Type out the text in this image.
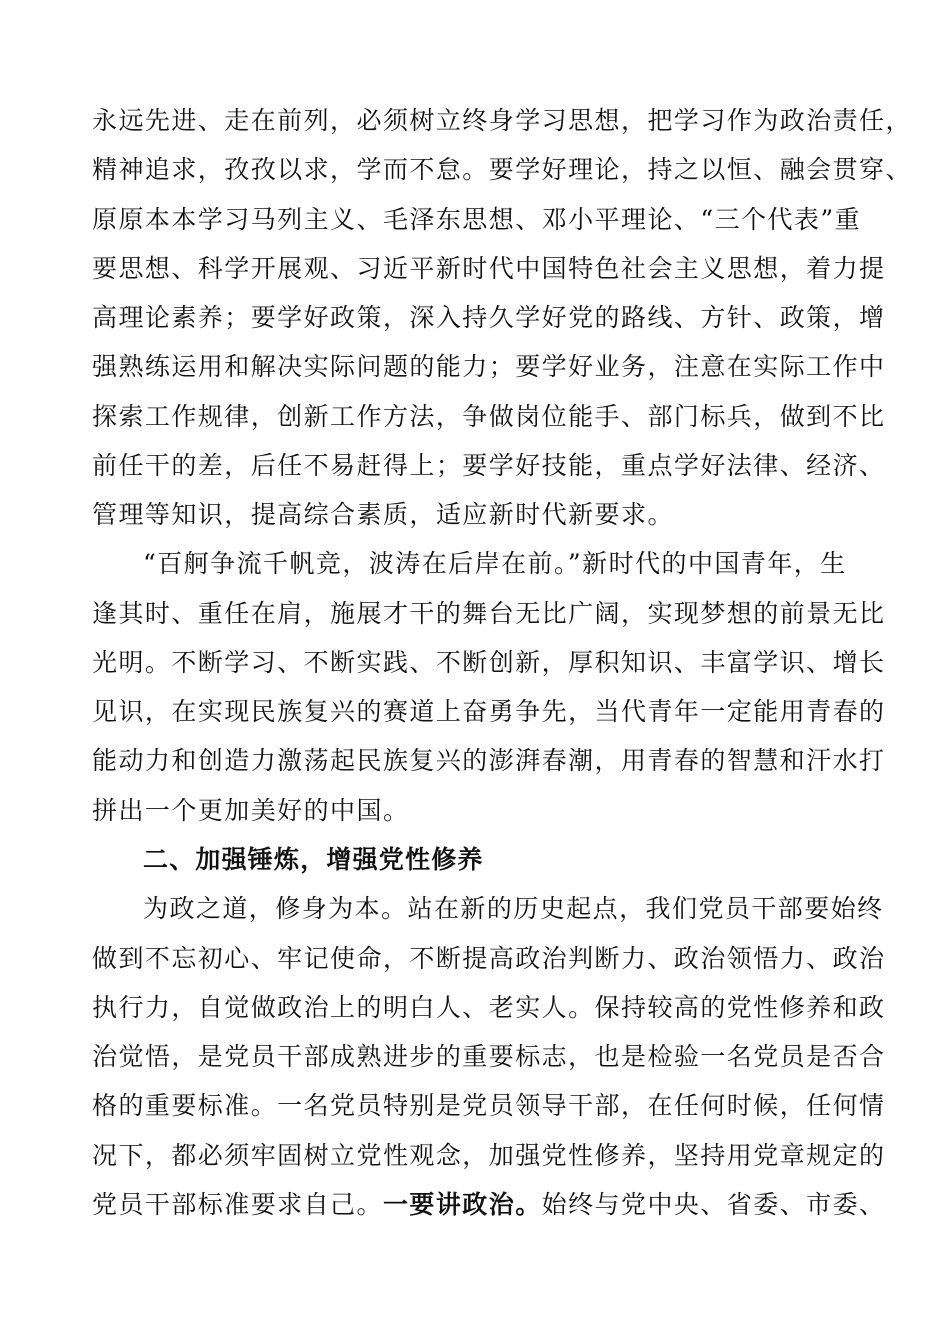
永远先进、走在前列，必须树立终身学习思想，把学习作为政治责任，
精神追求，孜孜以求，学而不怠。要学好理论，持之以恒、融会贯穿、
原原本本学习马列主义、毛泽东思想、邓小平理论、“三个代表”重
要思想、科学开展观、习近平新时代中国特色社会主义思想，着力提
高理论素养；要学好政策，深入持久学好党的路线、方针、政策，增
强熟练运用和解决实际问题的能力；要学好业务，注意在实际工作中
探索工作规律，创新工作方法，争做岗位能手、部门标兵，做到不比
前任干的差，后任不易赶得上；要学好技能，重点学好法律、经济、
管理等知识，提高综合素质，适应新时代新要求。
“百舸争流千帆竞，波涛在后岸在前。”新时代的中国青年，生
逢其时、重任在肩，施展才干的舞台无比广阔，实现梦想的前景无比
光明。不断学习、不断实践、不断创新，厚积知识、丰富学识、增长
见识，在实现民族复兴的赛道上奋勇争先，当代青年一定能用青春的
能动力和创造力激荡起民族复兴的澎湃春潮，用青春的智慧和汗水打
拼出一个更加美好的中国。
二、加强锤炼，增强党性修养
为政之道，修身为本。站在新的历史起点，我们党员干部要始终
做到不忘初心、牢记使命，不断提高政治判断力、政治领悟力、政治
执行力，自觉做政治上的明白人、老实人。保持较高的党性修养和政
治觉悟，是党员干部成熟进步的重要标志，也是检验一名党员是否合
格的重要标准。一名党员特别是党员领导干部，在任何时候，任何情
况下，都必须牢固树立党性观念，加强党性修养，坚持用党章规定的
党员干部标准要求自己。一要讲政治。始终与党中央、省委、市委、
